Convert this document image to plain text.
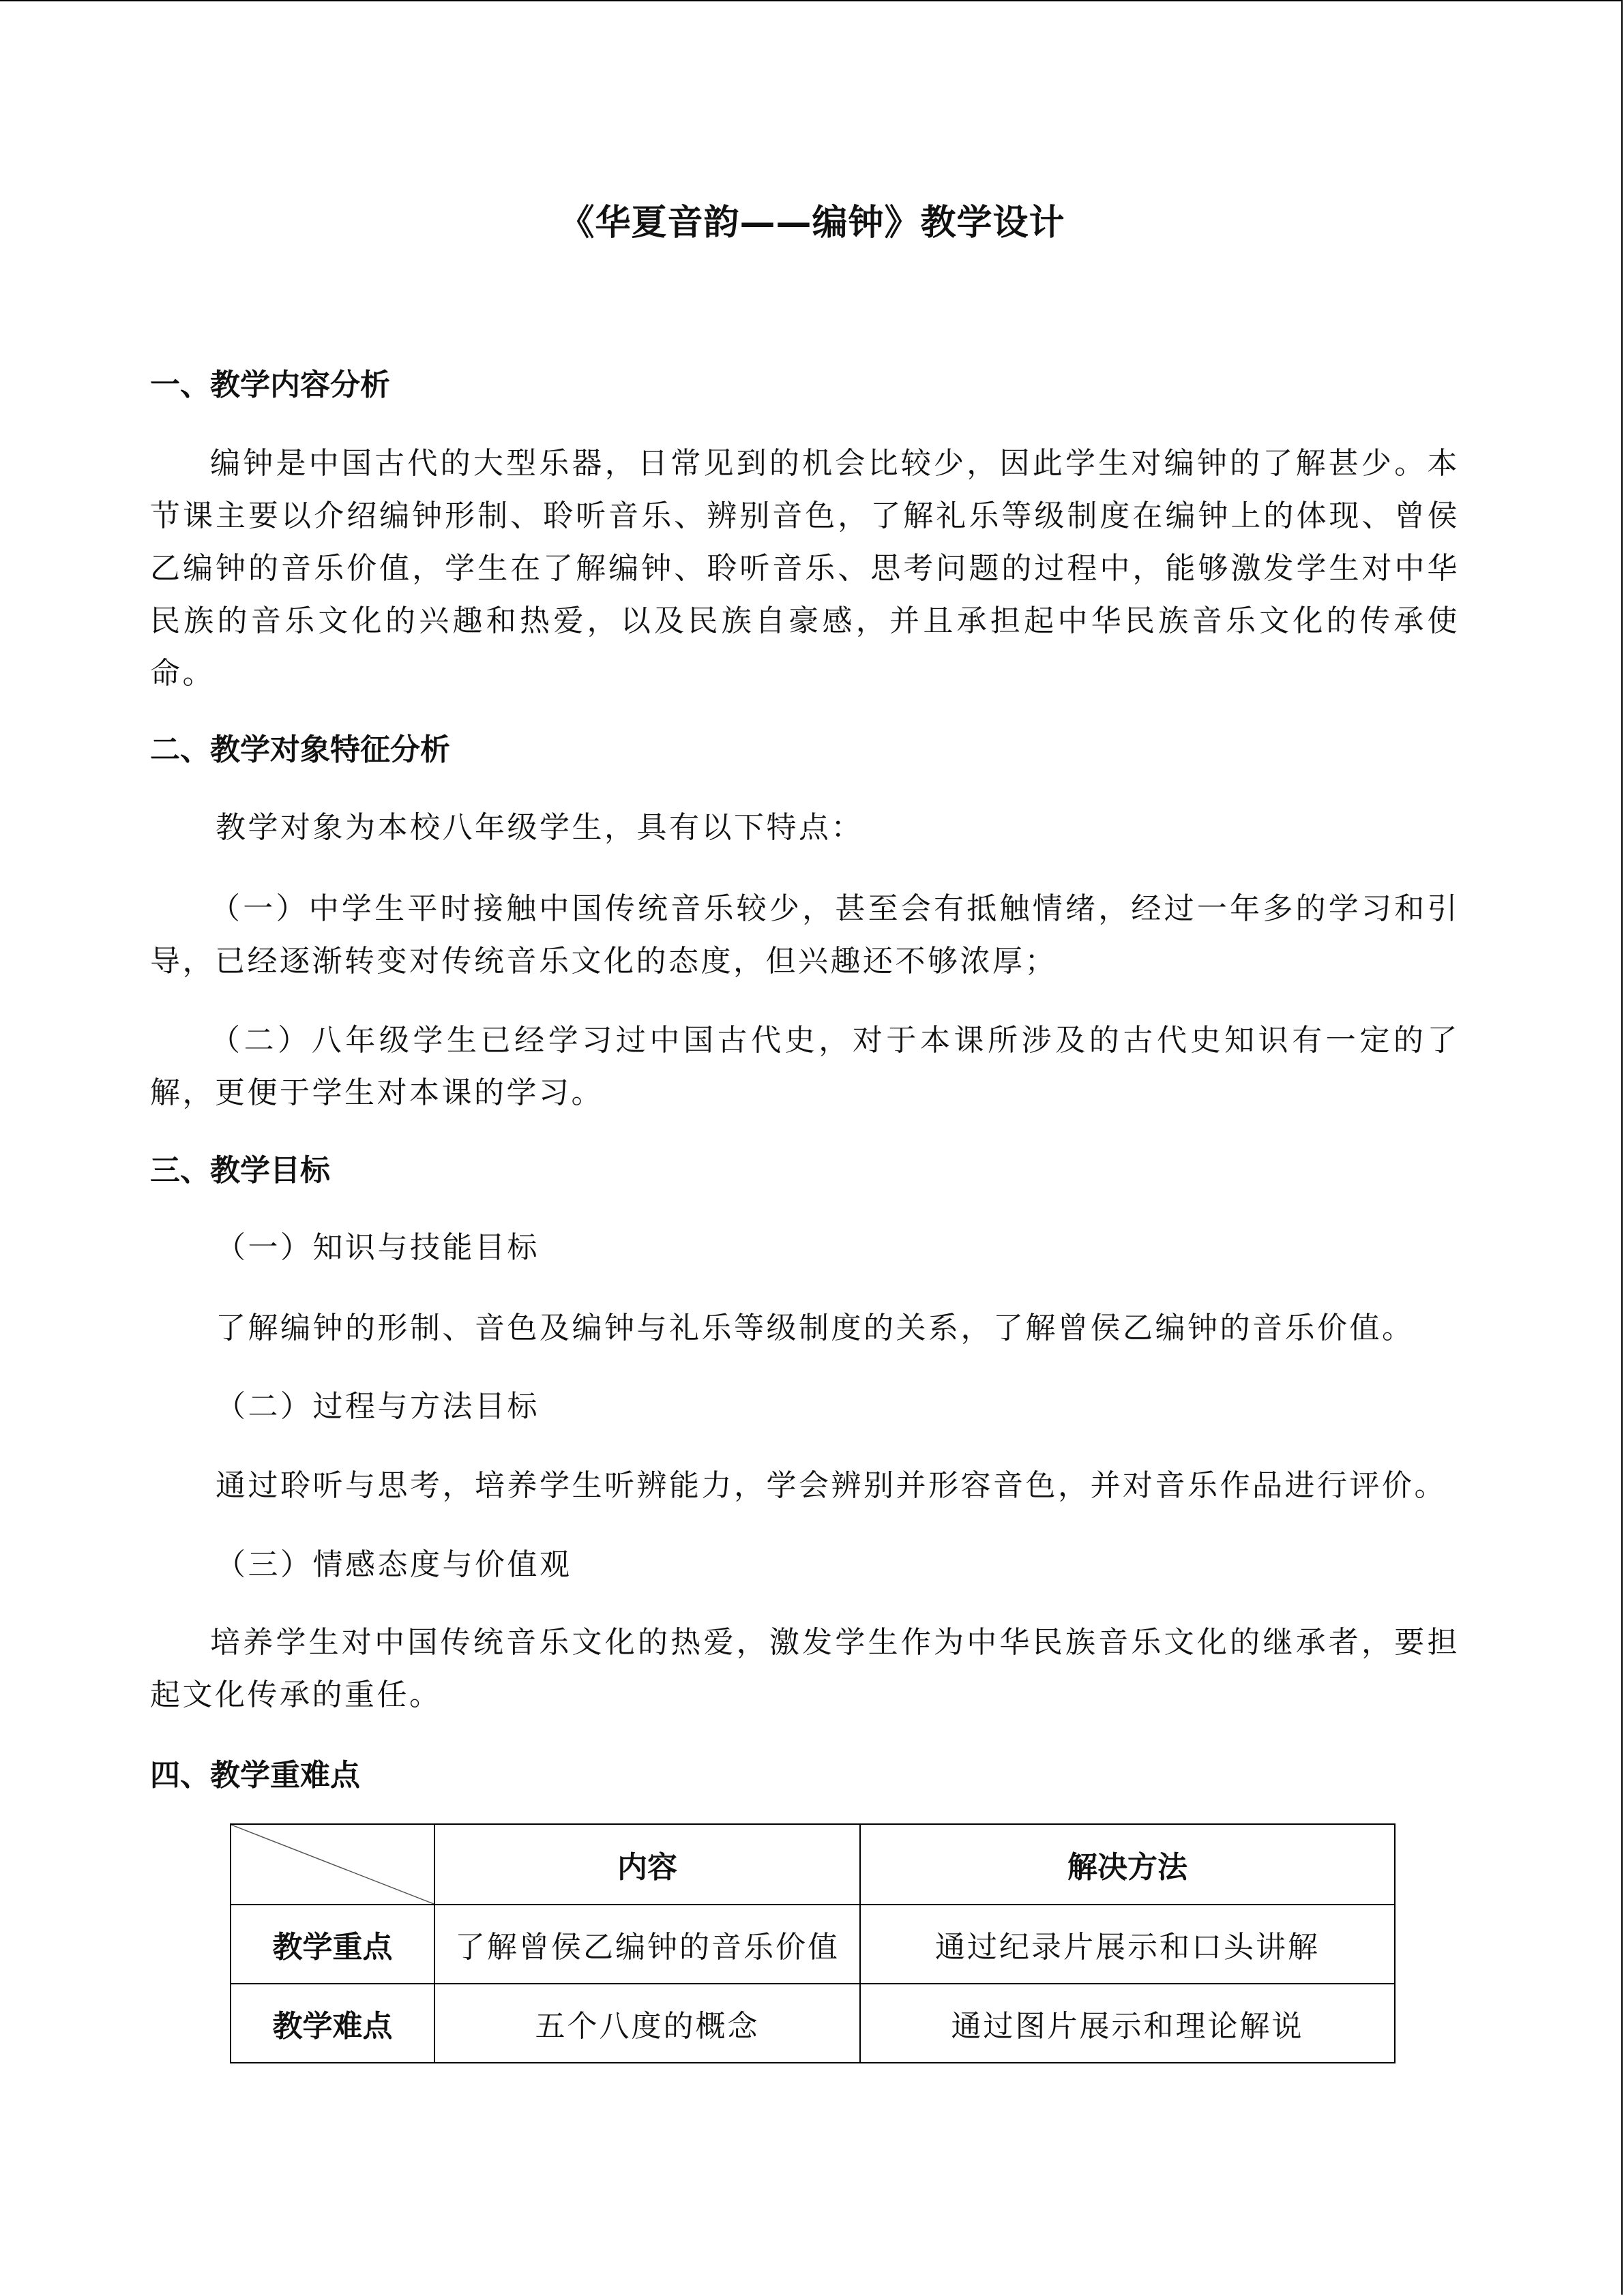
《华夏音韵——编钟》教学设计
一、教学内容分析
编钟是中国古代的大型乐器，日常见到的机会比较少，因此学生对编钟的了解甚少。本节课主要以介绍编钟形制、聆听音乐、辨别音色，了解礼乐等级制度在编钟上的体现、曾侯乙编钟的音乐价值，学生在了解编钟、聆听音乐、思考问题的过程中，能够激发学生对中华民族的音乐文化的兴趣和热爱，以及民族自豪感，并且承担起中华民族音乐文化的传承使命。
二、教学对象特征分析
教学对象为本校八年级学生，具有以下特点：
（一）中学生平时接触中国传统音乐较少，甚至会有抵触情绪，经过一年多的学习和引导，已经逐渐转变对传统音乐文化的态度，但兴趣还不够浓厚；
（二）八年级学生已经学习过中国古代史，对于本课所涉及的古代史知识有一定的了解，更便于学生对本课的学习。
三、教学目标
（一）知识与技能目标
了解编钟的形制、音色及编钟与礼乐等级制度的关系，了解曾侯乙编钟的音乐价值。
（二）过程与方法目标
通过聆听与思考，培养学生听辨能力，学会辨别并形容音色，并对音乐作品进行评价。
（三）情感态度与价值观
培养学生对中国传统音乐文化的热爱，激发学生作为中华民族音乐文化的继承者，要担起文化传承的重任。
四、教学重难点
	内容	解决方法
教学重点	了解曾侯乙编钟的音乐价值	通过纪录片展示和口头讲解
教学难点	五个八度的概念	通过图片展示和理论解说
